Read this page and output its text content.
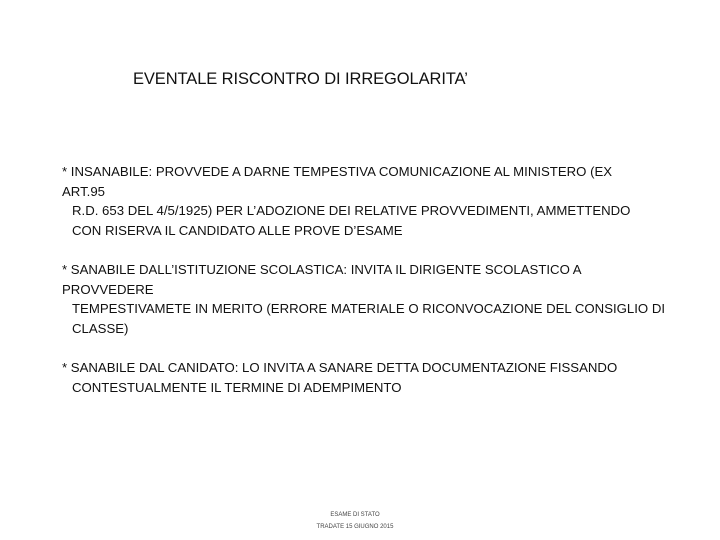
EVENTALE RISCONTRO DI IRREGOLARITA’
* INSANABILE: PROVVEDE A DARNE TEMPESTIVA COMUNICAZIONE AL MINISTERO (EX
ART.95
R.D. 653 DEL 4/5/1925) PER L’ADOZIONE DEI RELATIVE PROVVEDIMENTI, AMMETTENDO
CON RISERVA IL CANDIDATO ALLE PROVE D’ESAME
* SANABILE DALL’ISTITUZIONE SCOLASTICA: INVITA IL DIRIGENTE SCOLASTICO A
PROVVEDERE
TEMPESTIVAMETE IN MERITO (ERRORE MATERIALE O RICONVOCAZIONE DEL CONSIGLIO DI
CLASSE)
* SANABILE DAL CANIDATO: LO INVITA A SANARE DETTA DOCUMENTAZIONE FISSANDO
CONTESTUALMENTE IL TERMINE DI ADEMPIMENTO
ESAME DI STATO
TRADATE 15 GIUGNO 2015
